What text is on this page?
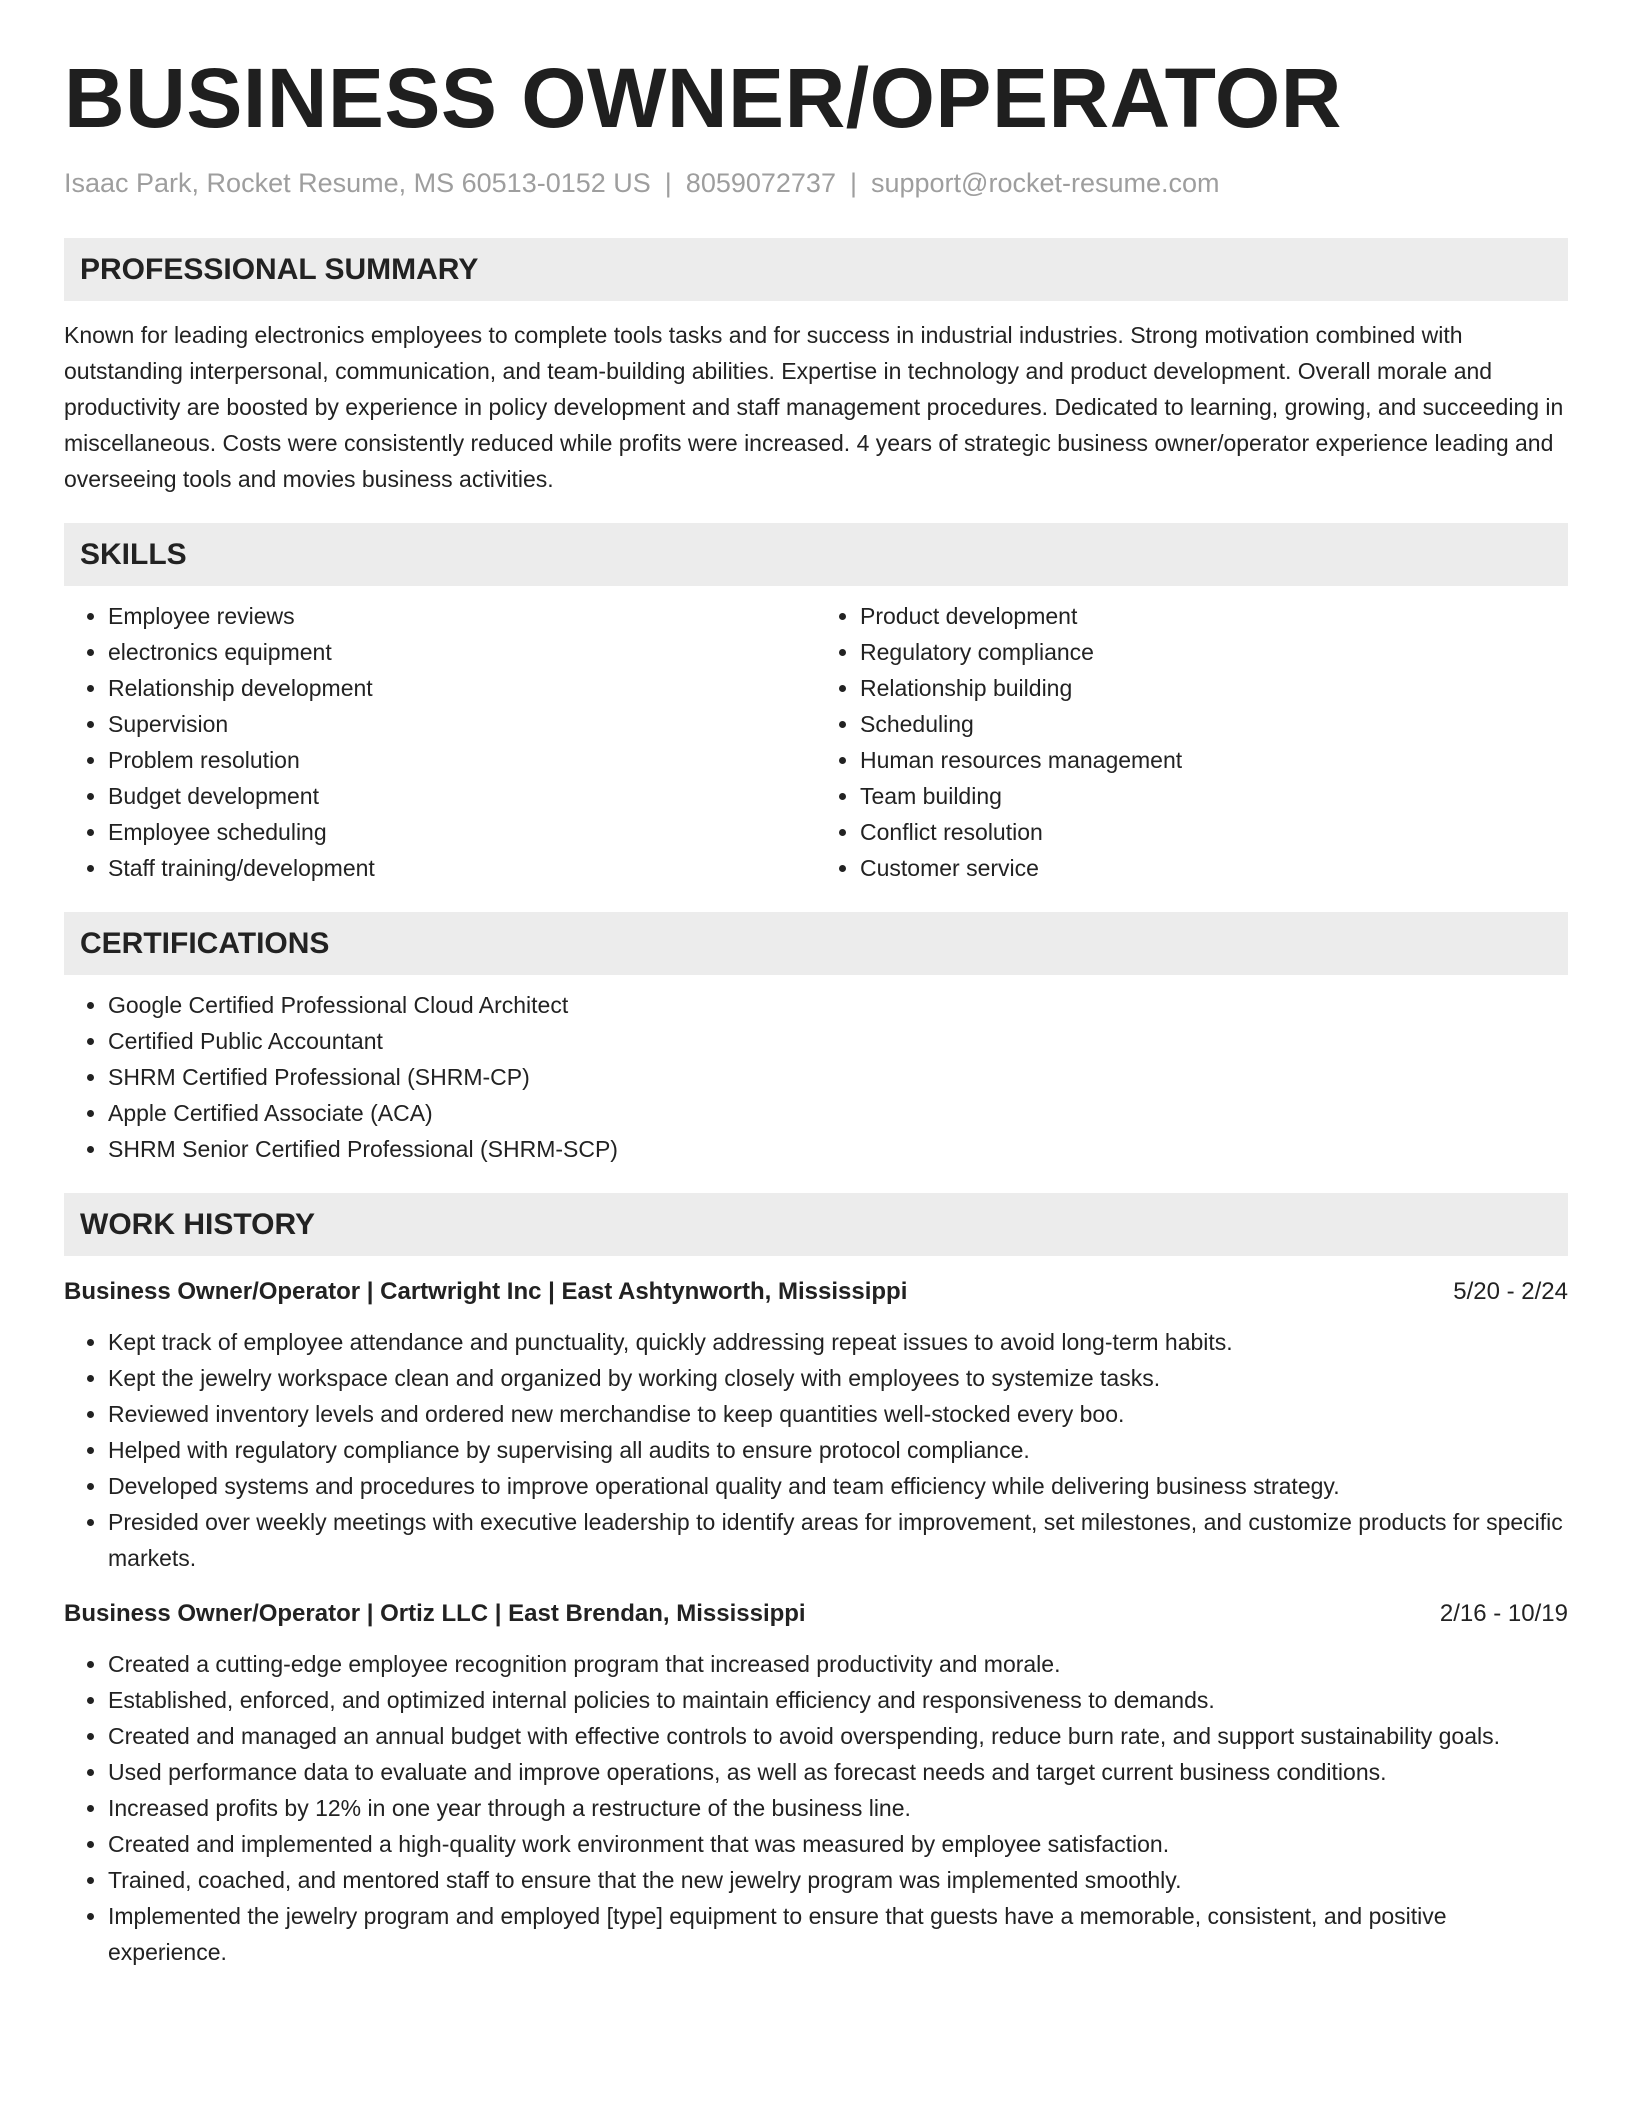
BUSINESS OWNER/OPERATOR
Isaac Park, Rocket Resume, MS 60513-0152 US | 8059072737 | support@rocket-resume.com
PROFESSIONAL SUMMARY

Known for leading electronics employees to complete tools tasks and for success in industrial industries. Strong motivation combined with outstanding interpersonal, communication, and team-building abilities. Expertise in technology and product development. Overall morale and productivity are boosted by experience in policy development and staff management procedures. Dedicated to learning, growing, and succeeding in miscellaneous. Costs were consistently reduced while profits were increased. 4 years of strategic business owner/operator experience leading and overseeing tools and movies business activities.

SKILLS
• Employee reviews
• electronics equipment
• Relationship development
• Supervision
• Problem resolution
• Budget development
• Employee scheduling
• Staff training/development
• Product development
• Regulatory compliance
• Relationship building
• Scheduling
• Human resources management
• Team building
• Conflict resolution
• Customer service
CERTIFICATIONS
• Google Certified Professional Cloud Architect
• Certified Public Accountant
• SHRM Certified Professional (SHRM-CP)
• Apple Certified Associate (ACA)
• SHRM Senior Certified Professional (SHRM-SCP)
WORK HISTORY
Business Owner/Operator | Cartwright Inc | East Ashtynworth, Mississippi	5/20 - 2/24
• Kept track of employee attendance and punctuality, quickly addressing repeat issues to avoid long-term habits.
• Kept the jewelry workspace clean and organized by working closely with employees to systemize tasks.
• Reviewed inventory levels and ordered new merchandise to keep quantities well-stocked every boo.
• Helped with regulatory compliance by supervising all audits to ensure protocol compliance.
• Developed systems and procedures to improve operational quality and team efficiency while delivering business strategy.
• Presided over weekly meetings with executive leadership to identify areas for improvement, set milestones, and customize products for specific markets.
Business Owner/Operator | Ortiz LLC | East Brendan, Mississippi	2/16 - 10/19
• Created a cutting-edge employee recognition program that increased productivity and morale.
• Established, enforced, and optimized internal policies to maintain efficiency and responsiveness to demands.
• Created and managed an annual budget with effective controls to avoid overspending, reduce burn rate, and support sustainability goals.
• Used performance data to evaluate and improve operations, as well as forecast needs and target current business conditions.
• Increased profits by 12% in one year through a restructure of the business line.
• Created and implemented a high-quality work environment that was measured by employee satisfaction.
• Trained, coached, and mentored staff to ensure that the new jewelry program was implemented smoothly.
• Implemented the jewelry program and employed [type] equipment to ensure that guests have a memorable, consistent, and positive experience.
